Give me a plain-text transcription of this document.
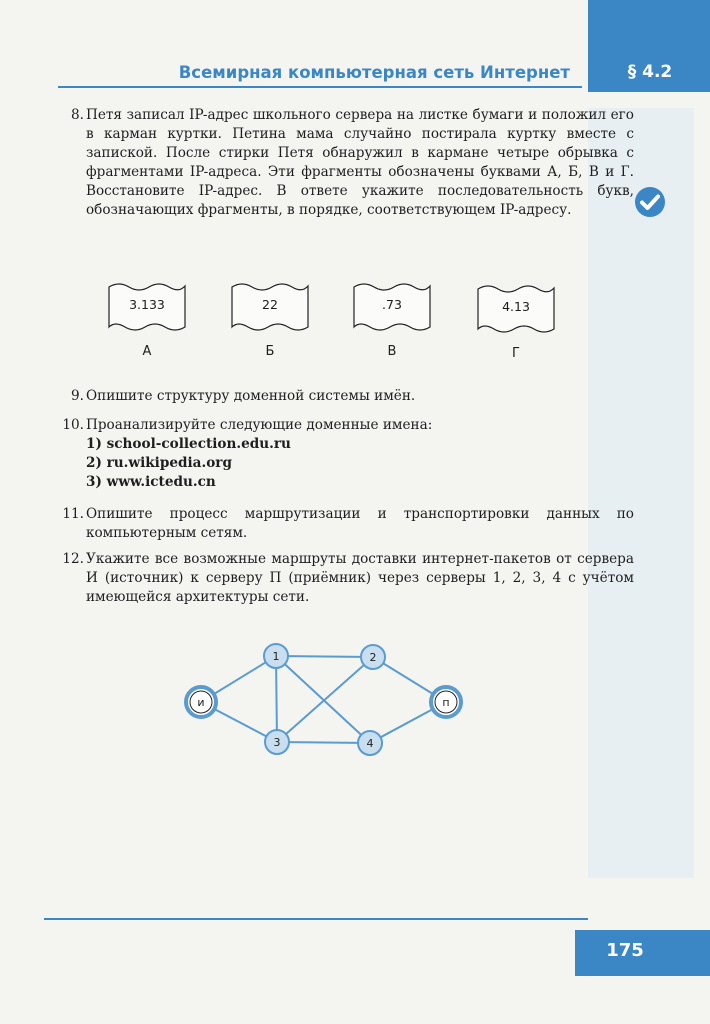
§ 4.2
Всемирная компьютерная сеть Интернет
8. Петя записал IP-адрес школьного сервера на листке бумаги и положил его в карман куртки. Петина мама случайно постирала куртку вместе с запиской. После стирки Петя обнаружил в кармане четыре обрывка с фрагментами IP-адреса. Эти фрагменты обозначены буквами А, Б, В и Г. Восстановите IP-адрес. В ответе укажите последовательность букв, обозначающих фрагменты, в порядке, соответствующем IP-адресу.

3.133
А
22
Б
.73
В
4.13
Г
9. Опишите структуру доменной системы имён.
10. Проанализируйте следующие доменные имена:

1) school-collection.edu.ru

2) ru.wikipedia.org

3) www.ictedu.cn

11. Опишите процесс маршрутизации и транспортировки данных по компьютерным сетям.

12. Укажите все возможные маршруты доставки интернет-пакетов от сервера И (источник) к серверу П (приёмник) через серверы 1, 2, 3, 4 с учётом имеющейся архитектуры сети.

и
1	2
3	4
п
175
